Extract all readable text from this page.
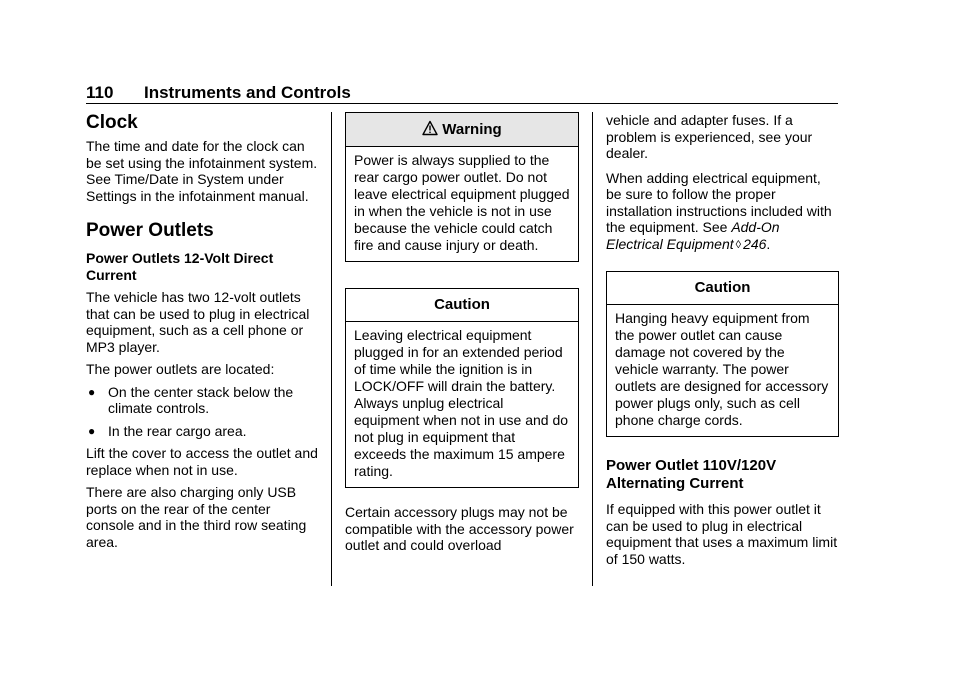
110 Instruments and Controls
Clock

The time and date for the clock can be set using the infotainment system. See Time/Date in System under Settings in the infotainment manual.

Power Outlets
Power Outlets 12-Volt Direct Current

The vehicle has two 12-volt outlets that can be used to plug in electrical equipment, such as a cell phone or MP3 player.

The power outlets are located:

● On the center stack below the climate controls.

● In the rear cargo area.

Lift the cover to access the outlet and replace when not in use.

There are also charging only USB ports on the rear of the center console and in the third row seating area.

Warning

Power is always supplied to the rear cargo power outlet. Do not leave electrical equipment plugged in when the vehicle is not in use because the vehicle could catch fire and cause injury or death.

Caution

Leaving electrical equipment plugged in for an extended period of time while the ignition is in LOCK/OFF will drain the battery. Always unplug electrical equipment when not in use and do not plug in equipment that exceeds the maximum 15 ampere rating.

Certain accessory plugs may not be compatible with the accessory power outlet and could overload

vehicle and adapter fuses. If a problem is experienced, see your dealer.

When adding electrical equipment, be sure to follow the proper installation instructions included with the equipment. See Add-On Electrical Equipment ◊ 246.

Caution

Hanging heavy equipment from the power outlet can cause damage not covered by the vehicle warranty. The power outlets are designed for accessory power plugs only, such as cell phone charge cords.

Power Outlet 110V/120V Alternating Current

If equipped with this power outlet it can be used to plug in electrical equipment that uses a maximum limit of 150 watts.
